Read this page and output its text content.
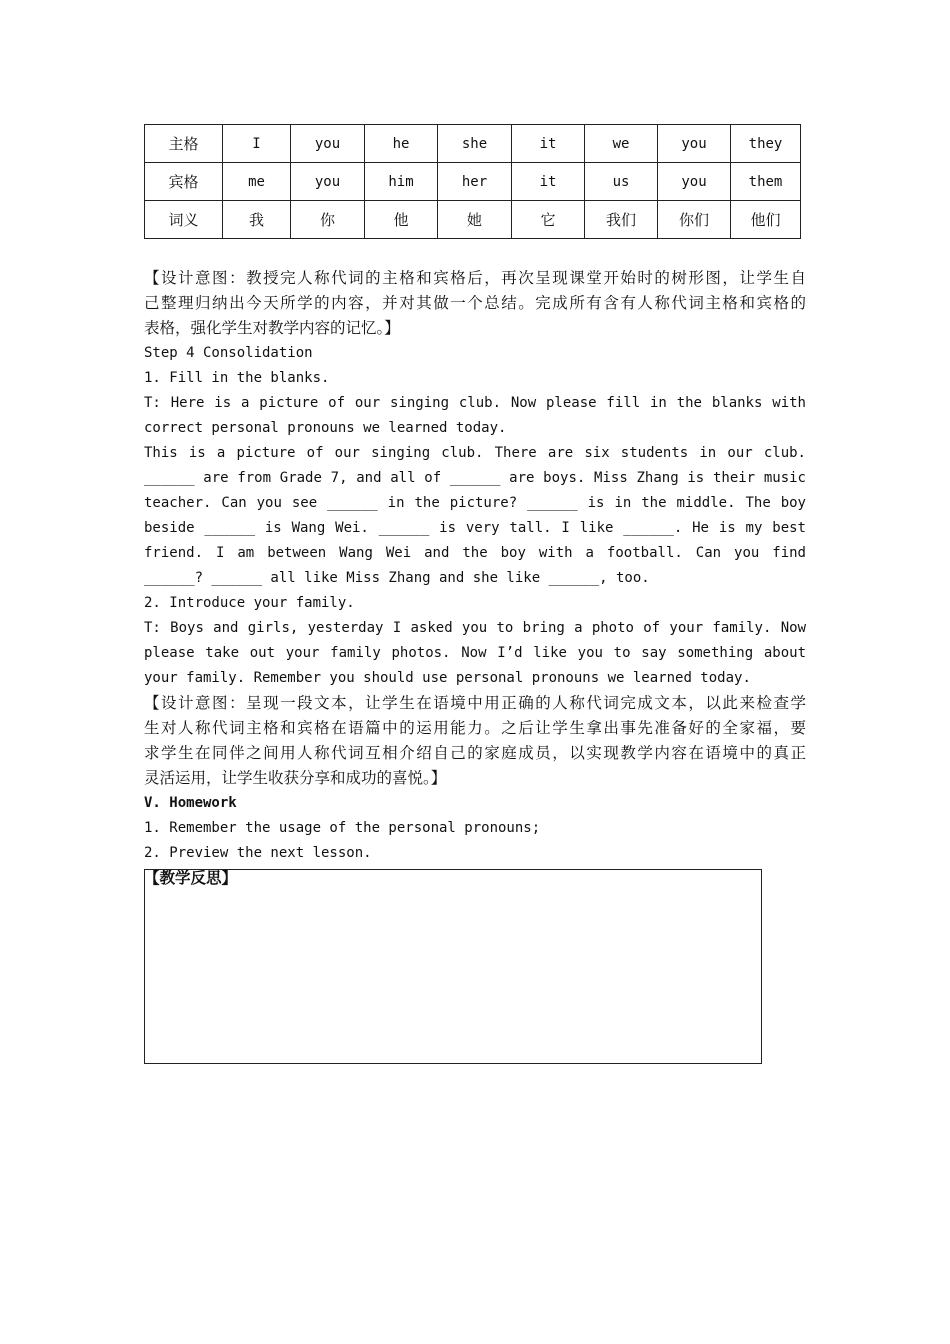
主格	I	you	he	she	it	we	you	they
宾格	me	you	him	her	it	us	you	them
词义	我	你	他	她	它	我们	你们	他们

【设计意图：教授完人称代词的主格和宾格后，再次呈现课堂开始时的树形图，让学生自

己整理归纳出今天所学的内容，并对其做一个总结。完成所有含有人称代词主格和宾格的

表格，强化学生对教学内容的记忆。】

Step 4 Consolidation

1. Fill in the blanks.

T: Here is a picture of our singing club. Now please fill in the blanks with

correct personal pronouns we learned today.

This is a picture of our singing club. There are six students in our club.

______ are from Grade 7, and all of ______ are boys. Miss Zhang is their music

teacher. Can you see ______ in the picture? ______ is in the middle. The boy

beside ______ is Wang Wei. ______ is very tall. I like ______. He is my best

friend. I am between Wang Wei and the boy with a football. Can you find

______? ______ all like Miss Zhang and she like ______, too.

2. Introduce your family.

T: Boys and girls, yesterday I asked you to bring a photo of your family. Now

please take out your family photos. Now I’d like you to say something about

your family. Remember you should use personal pronouns we learned today.

【设计意图：呈现一段文本，让学生在语境中用正确的人称代词完成文本，以此来检查学

生对人称代词主格和宾格在语篇中的运用能力。之后让学生拿出事先准备好的全家福，要

求学生在同伴之间用人称代词互相介绍自己的家庭成员，以实现教学内容在语境中的真正

灵活运用，让学生收获分享和成功的喜悦。】

V. Homework

1. Remember the usage of the personal pronouns;

2. Preview the next lesson.

【教学反思】
